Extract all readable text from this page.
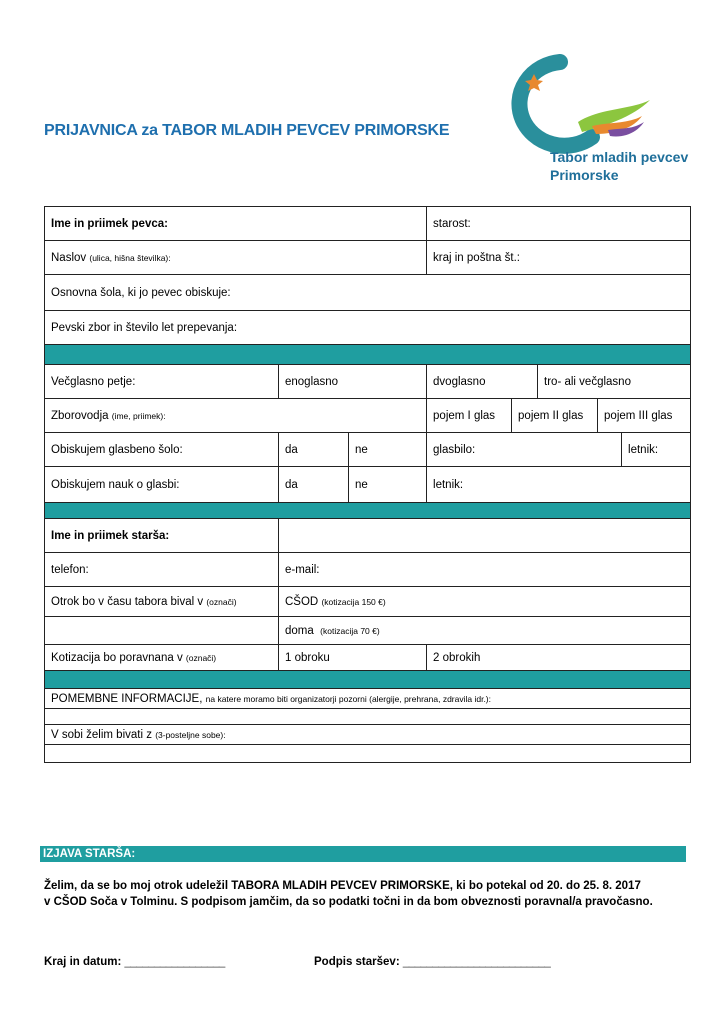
PRIJAVNICA za TABOR MLADIH PEVCEV PRIMORSKE
Tabor mladih pevcev
Primorske
Ime in priimek pevca:			starost:				
Naslov (ulica, hišna številka):			kraj in poštna št.:				
Osnovna šola, ki jo pevec obiskuje:							
Pevski zbor in število let prepevanja:							

Večglasno petje:	enoglasno		dvoglasno		tro- ali večglasno		
Zborovodja (ime, priimek):			pojem I glas	pojem II glas		pojem III glas	
Obiskujem glasbeno šolo:	da	ne	glasbilo:				letnik:
Obiskujem nauk o glasbi:	da	ne	letnik:				

Ime in priimek starša:							
telefon:	e-mail:						
Otrok bo v času tabora bival v (označi)	CŠOD (kotizacija 150 €)						
	doma (kotizacija 70 €)						
Kotizacija bo poravnana v (označi)	1 obroku		2 obrokih				

POMEMBNE INFORMACIJE, na katere moramo biti organizatorji pozorni (alergije, prehrana, zdravila idr.):							

V sobi želim bivati z (3-posteljne sobe):							

IZJAVA STARŠA:
Želim, da se bo moj otrok udeležil TABORA MLADIH PEVCEV PRIMORSKE, ki bo potekal od 20. do 25. 8. 2017
v CŠOD Soča v Tolminu. S podpisom jamčim, da so podatki točni in da bom obveznosti poravnal/a pravočasno.
Kraj in datum: _________________	Podpis staršev: _________________________
